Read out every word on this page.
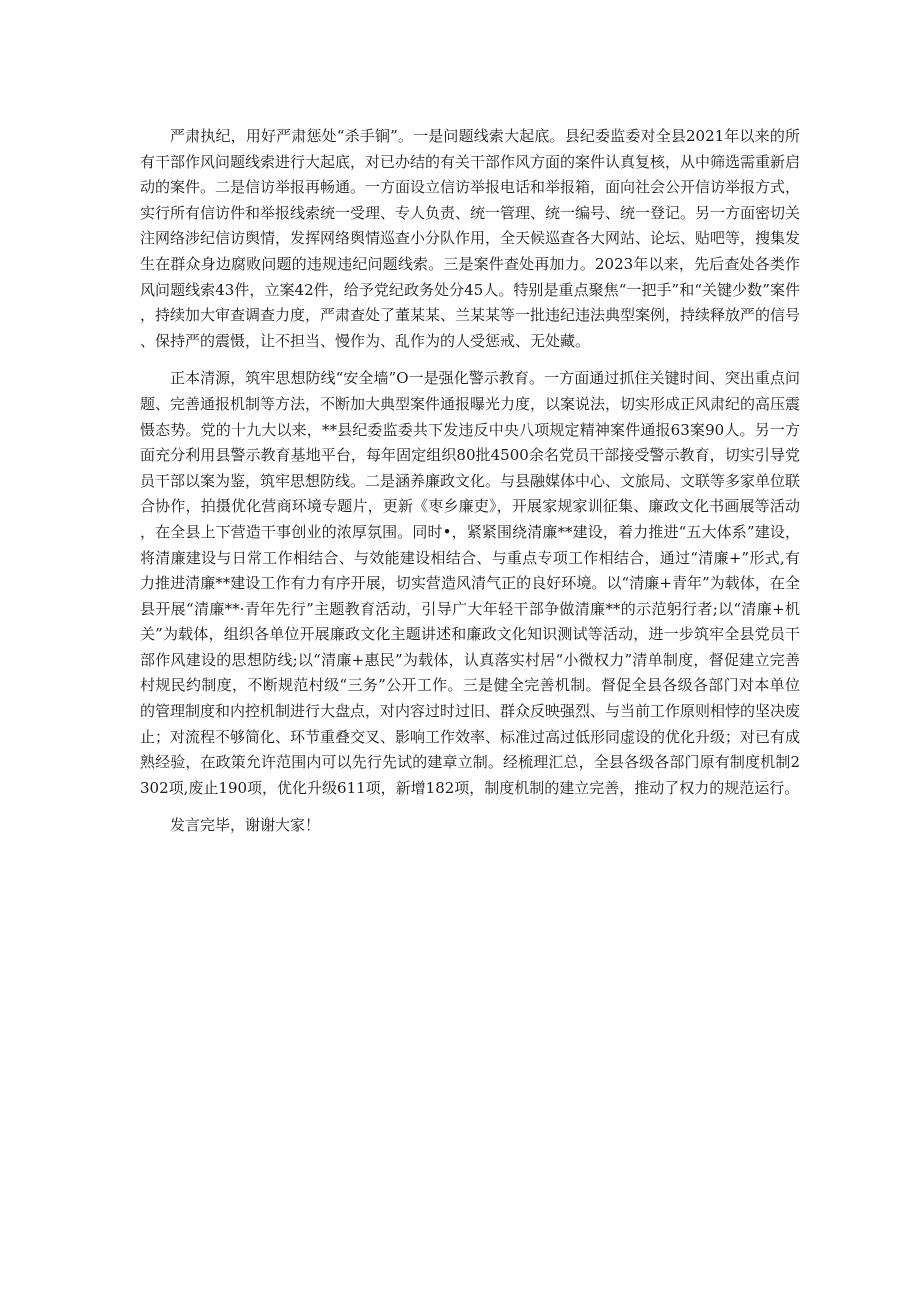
严肃执纪，用好严肃惩处“杀手锏”。一是问题线索大起底。县纪委监委对全县2021年以来的所有干部作风问题线索进行大起底，对已办结的有关干部作风方面的案件认真复核，从中筛选需重新启动的案件。二是信访举报再畅通。一方面设立信访举报电话和举报箱，面向社会公开信访举报方式，实行所有信访件和举报线索统一受理、专人负责、统一管理、统一编号、统一登记。另一方面密切关注网络涉纪信访舆情，发挥网络舆情巡查小分队作用，全天候巡查各大网站、论坛、贴吧等，搜集发生在群众身边腐败问题的违规违纪问题线索。三是案件查处再加力。2023年以来，先后查处各类作风问题线索43件，立案42件，给予党纪政务处分45人。特别是重点聚焦“一把手”和“关键少数”案件，持续加大审查调查力度，严肃查处了董某某、兰某某等一批违纪违法典型案例，持续释放严的信号、保持严的震慑，让不担当、慢作为、乱作为的人受惩戒、无处藏。

正本清源，筑牢思想防线“安全墙”O一是强化警示教育。一方面通过抓住关键时间、突出重点问题、完善通报机制等方法，不断加大典型案件通报曝光力度，以案说法，切实形成正风肃纪的高压震慑态势。党的十九大以来，**县纪委监委共下发违反中央八项规定精神案件通报63案90人。另一方面充分利用县警示教育基地平台，每年固定组织80批4500余名党员干部接受警示教育，切实引导党员干部以案为鉴，筑牢思想防线。二是涵养廉政文化。与县融媒体中心、文旅局、文联等多家单位联合协作，拍摄优化营商环境专题片，更新《枣乡廉吏》，开展家规家训征集、廉政文化书画展等活动，在全县上下营造干事创业的浓厚氛围。同时•，紧紧围绕清廉**建设，着力推进“五大体系”建设，将清廉建设与日常工作相结合、与效能建设相结合、与重点专项工作相结合，通过“清廉+”形式,有力推进清廉**建设工作有力有序开展，切实营造风清气正的良好环境。以“清廉+青年”为载体，在全县开展“清廉**·青年先行”主题教育活动，引导广大年轻干部争做清廉**的示范躬行者;以“清廉+机关”为载体，组织各单位开展廉政文化主题讲述和廉政文化知识测试等活动，进一步筑牢全县党员干部作风建设的思想防线;以“清廉+惠民”为载体，认真落实村居“小微权力”清单制度，督促建立完善村规民约制度，不断规范村级“三务”公开工作。三是健全完善机制。督促全县各级各部门对本单位的管理制度和内控机制进行大盘点，对内容过时过旧、群众反映强烈、与当前工作原则相悖的坚决废止；对流程不够简化、环节重叠交叉、影响工作效率、标准过高过低形同虚设的优化升级；对已有成熟经验，在政策允许范围内可以先行先试的建章立制。经梳理汇总，全县各级各部门原有制度机制2302项,废止190项，优化升级611项，新增182项，制度机制的建立完善，推动了权力的规范运行。

发言完毕，谢谢大家！
